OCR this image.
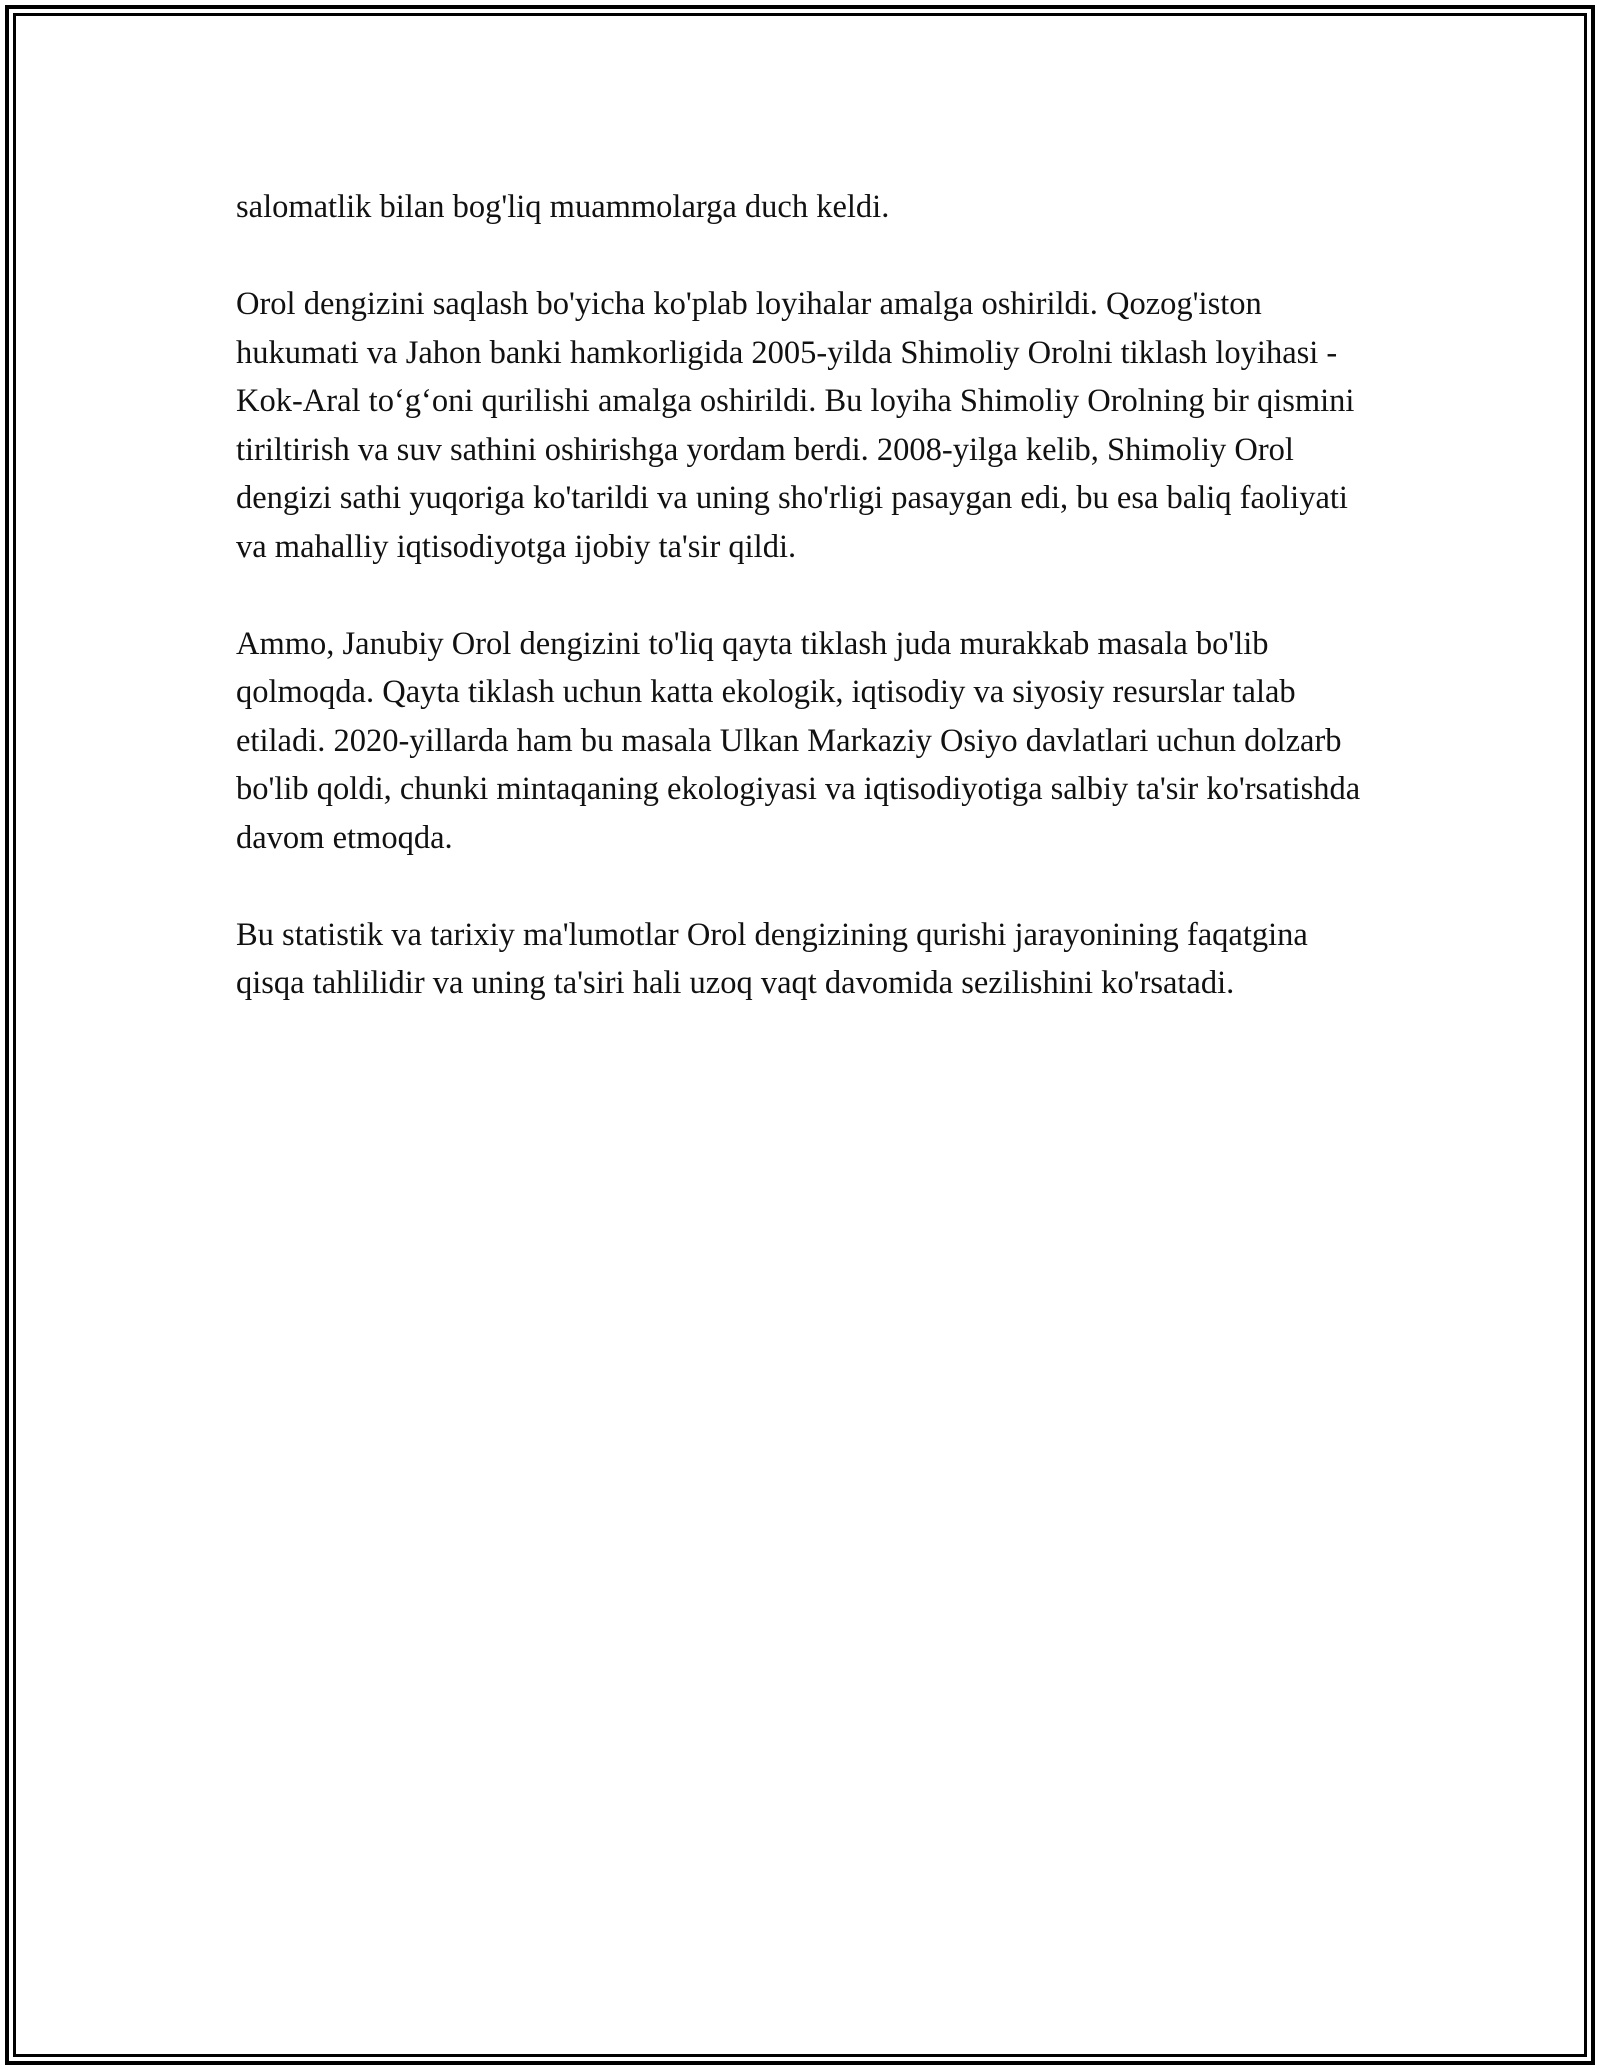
salomatlik bilan bog'liq muammolarga duch keldi.

Orol dengizini saqlash bo'yicha ko'plab loyihalar amalga oshirildi. Qozog'iston hukumati va Jahon banki hamkorligida 2005-yilda Shimoliy Orolni tiklash loyihasi - Kok-Aral to‘g‘oni qurilishi amalga oshirildi. Bu loyiha Shimoliy Orolning bir qismini tiriltirish va suv sathini oshirishga yordam berdi. 2008-yilga kelib, Shimoliy Orol dengizi sathi yuqoriga ko'tarildi va uning sho'rligi pasaygan edi, bu esa baliq faoliyati va mahalliy iqtisodiyotga ijobiy ta'sir qildi.

Ammo, Janubiy Orol dengizini to'liq qayta tiklash juda murakkab masala bo'lib qolmoqda. Qayta tiklash uchun katta ekologik, iqtisodiy va siyosiy resurslar talab etiladi. 2020-yillarda ham bu masala Ulkan Markaziy Osiyo davlatlari uchun dolzarb bo'lib qoldi, chunki mintaqaning ekologiyasi va iqtisodiyotiga salbiy ta'sir ko'rsatishda davom etmoqda.

Bu statistik va tarixiy ma'lumotlar Orol dengizining qurishi jarayonining faqatgina qisqa tahlilidir va uning ta'siri hali uzoq vaqt davomida sezilishini ko'rsatadi.
